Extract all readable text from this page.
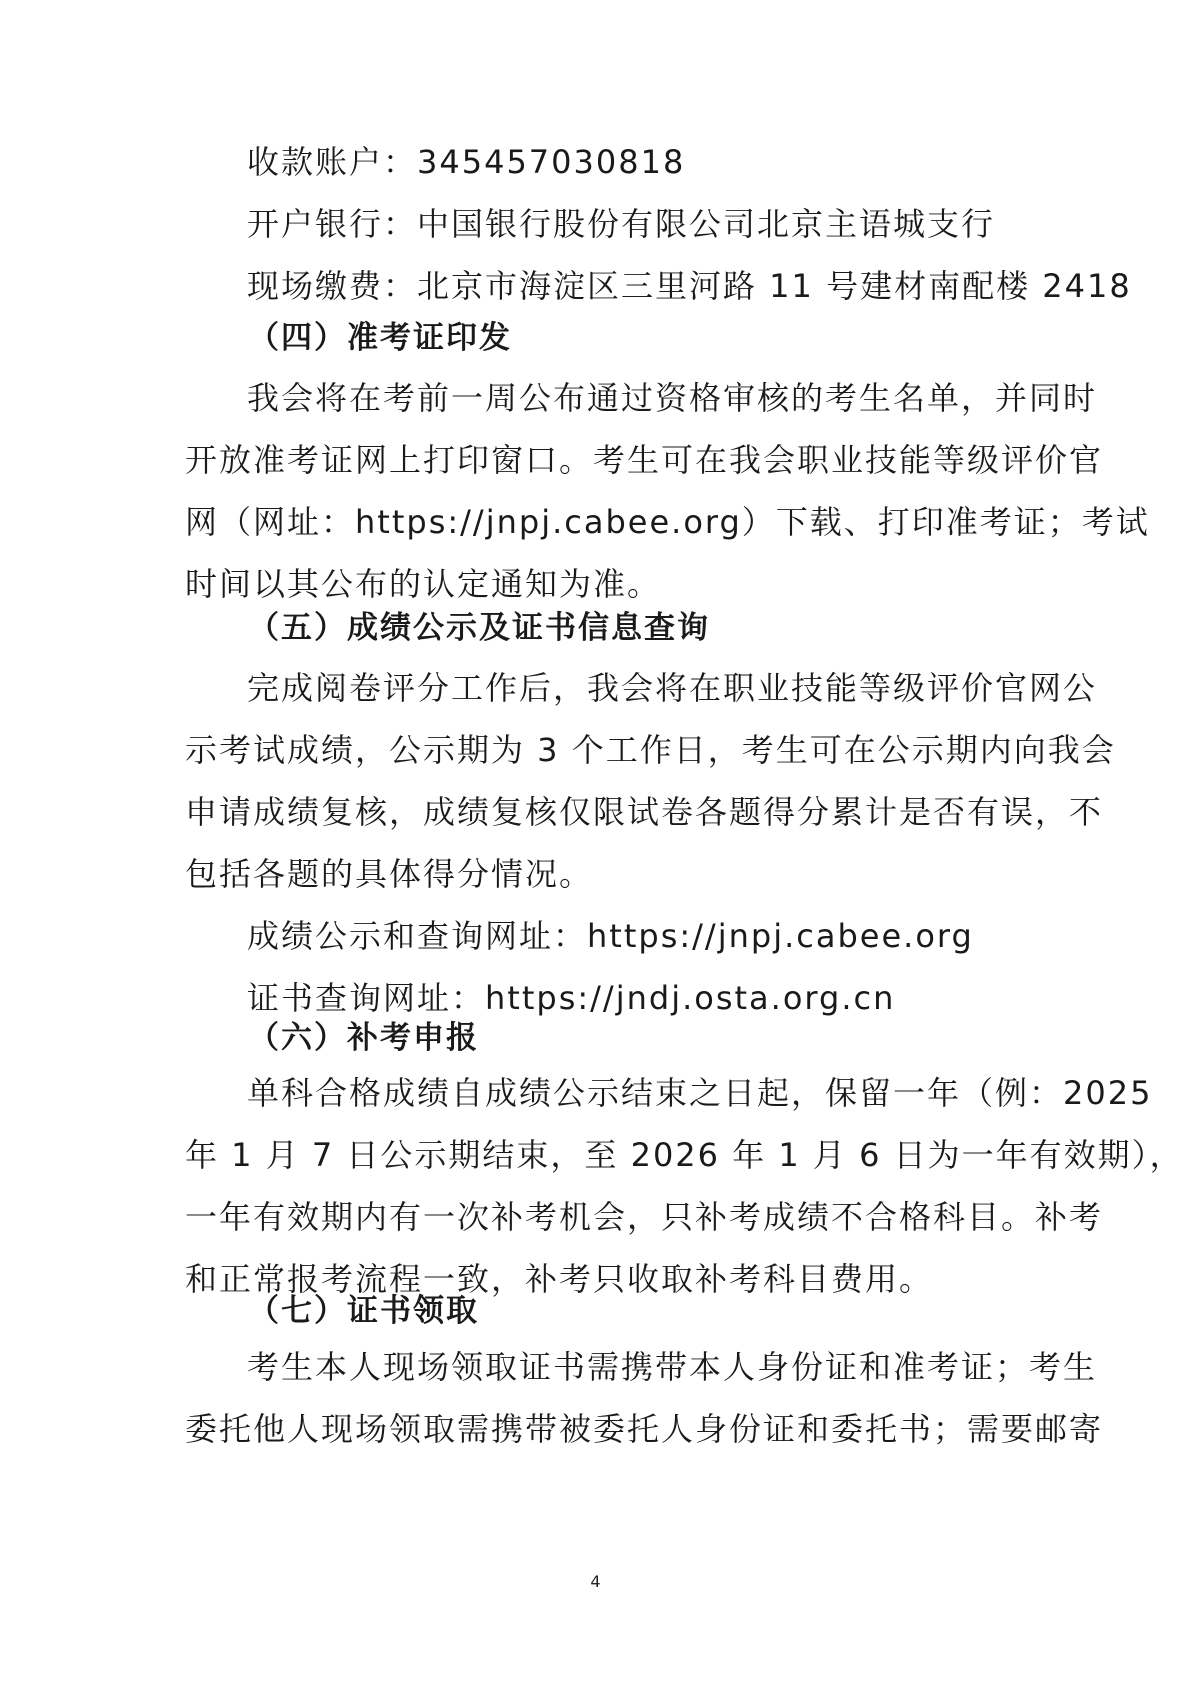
收款账户：345457030818
开户银行：中国银行股份有限公司北京主语城支行
现场缴费：北京市海淀区三里河路 11 号建材南配楼 2418
（四）准考证印发
我会将在考前一周公布通过资格审核的考生名单，并同时
开放准考证网上打印窗口。考生可在我会职业技能等级评价官
网（网址：https://jnpj.cabee.org）下载、打印准考证；考试
时间以其公布的认定通知为准。
（五）成绩公示及证书信息查询
完成阅卷评分工作后，我会将在职业技能等级评价官网公
示考试成绩，公示期为 3 个工作日，考生可在公示期内向我会
申请成绩复核，成绩复核仅限试卷各题得分累计是否有误，不
包括各题的具体得分情况。
成绩公示和查询网址：https://jnpj.cabee.org
证书查询网址：https://jndj.osta.org.cn
（六）补考申报
单科合格成绩自成绩公示结束之日起，保留一年（例：2025
年 1 月 7 日公示期结束，至 2026 年 1 月 6 日为一年有效期），
一年有效期内有一次补考机会，只补考成绩不合格科目。补考
和正常报考流程一致，补考只收取补考科目费用。
（七）证书领取
考生本人现场领取证书需携带本人身份证和准考证；考生
委托他人现场领取需携带被委托人身份证和委托书；需要邮寄
4
